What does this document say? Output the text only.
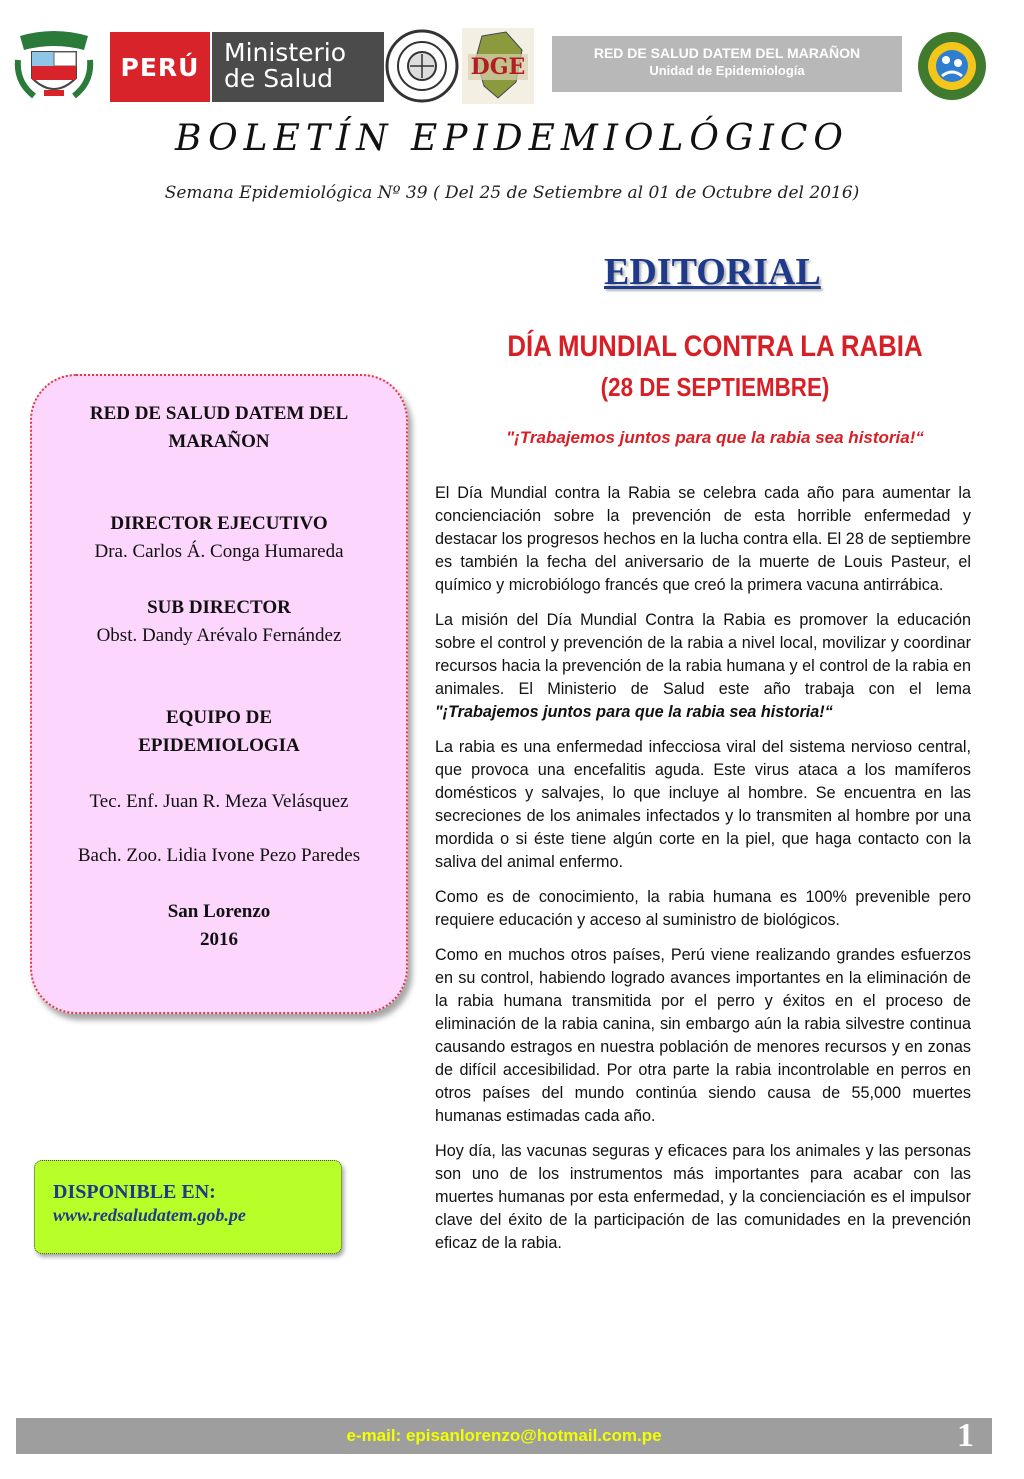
PERÚ Ministerio
de Salud	DGE
RED DE SALUD DATEM DEL MARAÑON
Unidad de Epidemiología
BOLETÍN EPIDEMIOLÓGICO
Semana Epidemiológica Nº 39 ( Del 25 de Setiembre al 01 de Octubre del 2016)
RED DE SALUD DATEM DEL
MARAÑON
DIRECTOR EJECUTIVO
Dra. Carlos Á. Conga Humareda
SUB DIRECTOR
Obst. Dandy Arévalo Fernández
EQUIPO DE
EPIDEMIOLOGIA
Tec. Enf. Juan R. Meza Velásquez
Bach. Zoo. Lidia Ivone Pezo Paredes
San Lorenzo
2016
DISPONIBLE EN:
www.redsaludatem.gob.pe
EDITORIAL
DÍA MUNDIAL CONTRA LA RABIA
(28 DE SEPTIEMBRE)
"¡Trabajemos juntos para que la rabia sea historia!“

El Día Mundial contra la Rabia se celebra cada año para aumentar la concienciación sobre la prevención de esta horrible enfermedad y destacar los progresos hechos en la lucha contra ella. El 28 de septiembre es también la fecha del aniversario de la muerte de Louis Pasteur, el químico y microbiólogo francés que creó la primera vacuna antirrábica.

La misión del Día Mundial Contra la Rabia es promover la educación sobre el control y prevención de la rabia a nivel local, movilizar y coordinar recursos hacia la prevención de la rabia humana y el control de la rabia en animales. El Ministerio de Salud este año trabaja con el lema "¡Trabajemos juntos para que la rabia sea historia!“

La rabia es una enfermedad infecciosa viral del sistema nervioso central, que provoca una encefalitis aguda. Este virus ataca a los mamíferos domésticos y salvajes, lo que incluye al hombre. Se encuentra en las secreciones de los animales infectados y lo transmiten al hombre por una mordida o si éste tiene algún corte en la piel, que haga contacto con la saliva del animal enfermo.

Como es de conocimiento, la rabia humana es 100% prevenible pero requiere educación y acceso al suministro de biológicos.

Como en muchos otros países, Perú viene realizando grandes esfuerzos en su control, habiendo logrado avances importantes en la eliminación de la rabia humana transmitida por el perro y éxitos en el proceso de eliminación de la rabia canina, sin embargo aún la rabia silvestre continua causando estragos en nuestra población de menores recursos y en zonas de difícil accesibilidad. Por otra parte la rabia incontrolable en perros en otros países del mundo continúa siendo causa de 55,000 muertes humanas estimadas cada año.

Hoy día, las vacunas seguras y eficaces para los animales y las personas son uno de los instrumentos más importantes para acabar con las muertes humanas por esta enfermedad, y la concienciación es el impulsor clave del éxito de la participación de las comunidades en la prevención eficaz de la rabia.

e-mail: episanlorenzo@hotmail.com.pe	1
